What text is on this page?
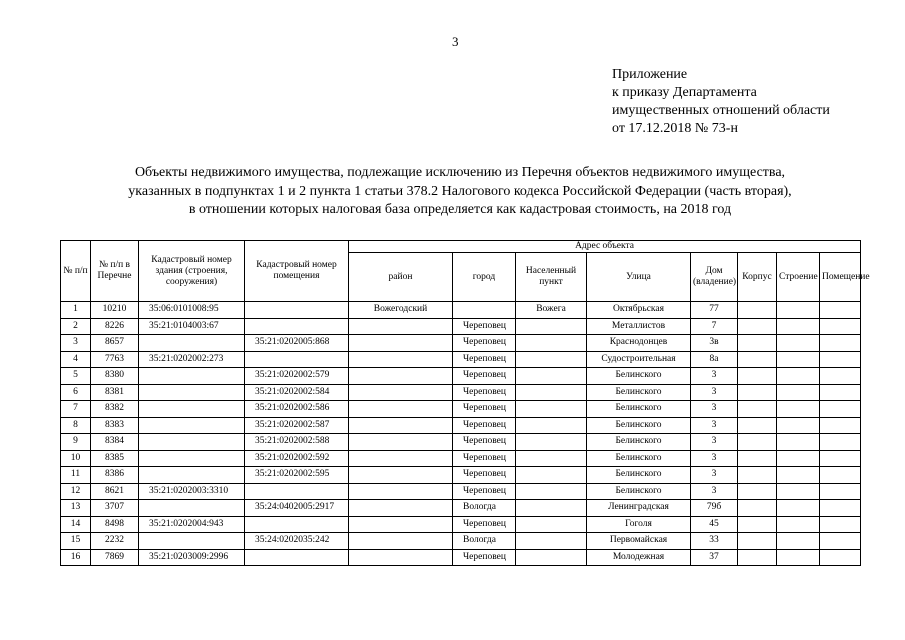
3
Приложение
к приказу Департамента
имущественных отношений области
от 17.12.2018 № 73-н
Объекты недвижимого имущества, подлежащие исключению из Перечня объектов недвижимого имущества,
указанных в подпунктах 1 и 2 пункта 1 статьи 378.2 Налогового кодекса Российской Федерации (часть вторая),
в отношении которых налоговая база определяется как кадастровая стоимость, на 2018 год
№ п/п	№ п/п в Перечне	Кадастровый номер здания (строения, сооружения)	Кадастровый номер помещения	Адрес объекта							
				район	город	Населенный пункт	Улица	Дом (владение)	Корпус	Строение	Помещение
1	10210	35:06:0101008:95		Вожегодский		Вожега	Октябрьская	77			
2	8226	35:21:0104003:67			Череповец		Металлистов	7			
3	8657		35:21:0202005:868		Череповец		Краснодонцев	3в			
4	7763	35:21:0202002:273			Череповец		Судостроительная	8а			
5	8380		35:21:0202002:579		Череповец		Белинского	3			
6	8381		35:21:0202002:584		Череповец		Белинского	3			
7	8382		35:21:0202002:586		Череповец		Белинского	3			
8	8383		35:21:0202002:587		Череповец		Белинского	3			
9	8384		35:21:0202002:588		Череповец		Белинского	3			
10	8385		35:21:0202002:592		Череповец		Белинского	3			
11	8386		35:21:0202002:595		Череповец		Белинского	3			
12	8621	35:21:0202003:3310			Череповец		Белинского	3			
13	3707		35:24:0402005:2917		Вологда		Ленинградская	79б			
14	8498	35:21:0202004:943			Череповец		Гоголя	45			
15	2232		35:24:0202035:242		Вологда		Первомайская	33			
16	7869	35:21:0203009:2996			Череповец		Молодежная	37			
